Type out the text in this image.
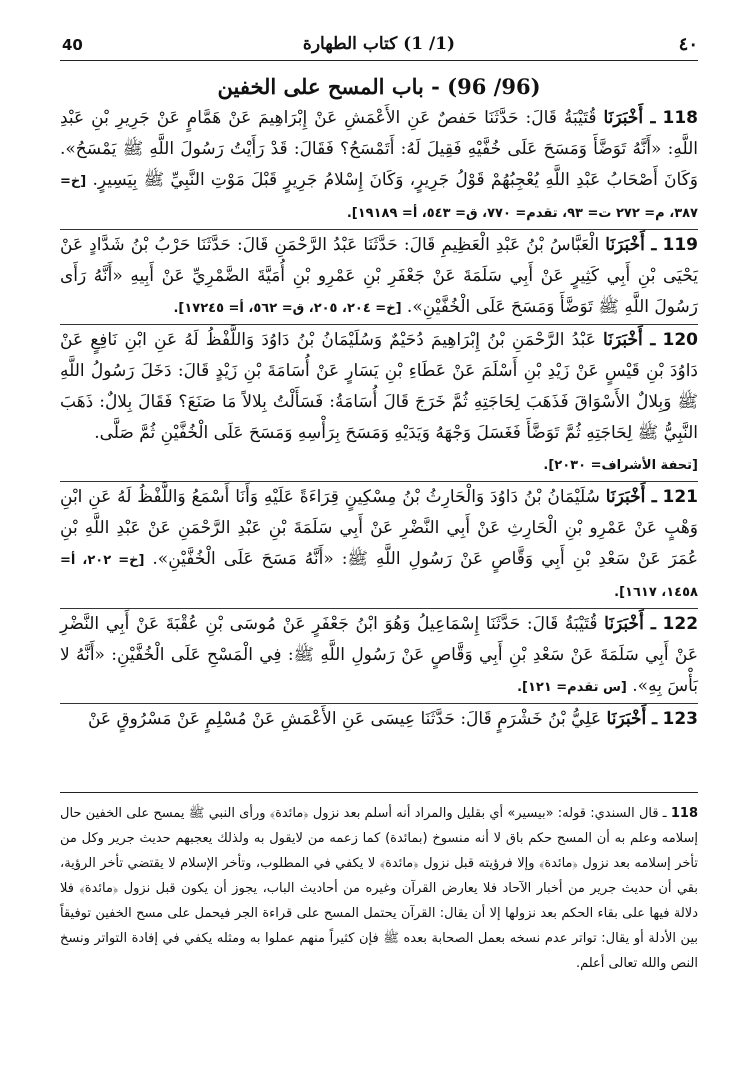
40	(1/ 1) كتاب الطهارة	٤٠
(96/ 96) - باب المسح على الخفين

118 ـ أَخْبَرَنَا قُتَيْبَةُ قَالَ: حَدَّثَنَا حَفصٌ عَنِ الأَعْمَشِ عَنْ إِبْرَاهِيمَ عَنْ هَمَّامٍ عَنْ جَرِيرِ بْنِ عَبْدِ اللَّهِ: «أَنَّهُ تَوَضَّأَ وَمَسَحَ عَلَى خُفَّيْهِ فَقِيلَ لَهُ: أَتَمْسَحُ؟ فَقَالَ: قَدْ رَأَيْتُ رَسُولَ اللَّهِ ﷺ يَمْسَحُ». وَكَانَ أَصْحَابُ عَبْدِ اللَّهِ يُعْجِبُهُمْ قَوْلُ جَرِيرٍ، وَكَانَ إِسْلامُ جَرِيرٍ قَبْلَ مَوْتِ النَّبِيِّ ﷺ بِيَسِيرٍ. [خ= ٣٨٧، م= ٢٧٢ ت= ٩٣، تقدم= ٧٧٠، ق= ٥٤٣، أ= ١٩١٨٩].

119 ـ أَخْبَرَنَا الْعَبَّاسُ بْنُ عَبْدِ الْعَظِيمِ قَالَ: حَدَّثَنَا عَبْدُ الرَّحْمَنِ قَالَ: حَدَّثَنَا حَرْبُ بْنُ شَدَّادٍ عَنْ يَحْيَى بْنِ أَبِي كَثِيرٍ عَنْ أَبِي سَلَمَةَ عَنْ جَعْفَرِ بْنِ عَمْرِو بْنِ أُمَيَّةَ الضَّمْرِيِّ عَنْ أَبِيهِ «أَنَّهُ رَأَى رَسُولَ اللَّهِ ﷺ تَوَضَّأَ وَمَسَحَ عَلَى الْخُفَّيْنِ». [خ= ٢٠٤، ٢٠٥، ق= ٥٦٢، أ= ١٧٢٤٥].

120 ـ أَخْبَرَنَا عَبْدُ الرَّحْمَنِ بْنُ إِبْرَاهِيمَ دُحَيْمٌ وَسُلَيْمَانُ بْنُ دَاوُدَ وَاللَّفْظُ لَهُ عَنِ ابْنِ نَافِعٍ عَنْ دَاوُدَ بْنِ قَيْسٍ عَنْ زَيْدِ بْنِ أَسْلَمَ عَنْ عَطَاءِ بْنِ يَسَارٍ عَنْ أُسَامَةَ بْنِ زَيْدٍ قَالَ: دَخَلَ رَسُولُ اللَّهِ ﷺ وَبِلالٌ الأَسْوَاقَ فَذَهَبَ لِحَاجَتِهِ ثُمَّ خَرَجَ قَالَ أُسَامَةُ: فَسَأَلْتُ بِلالاً مَا صَنَعَ؟ فَقَالَ بِلالٌ: ذَهَبَ النَّبِيُّ ﷺ لِحَاجَتِهِ ثُمَّ تَوَضَّأَ فَغَسَلَ وَجْهَهُ وَيَدَيْهِ وَمَسَحَ بِرَأْسِهِ وَمَسَحَ عَلَى الْخُفَّيْنِ ثُمَّ صَلَّى.
[تحفة الأشراف= ٢٠٣٠].

121 ـ أَخْبَرَنَا سُلَيْمَانُ بْنُ دَاوُدَ وَالْحَارِثُ بْنُ مِسْكِينٍ قِرَاءَةً عَلَيْهِ وَأَنَا أَسْمَعُ وَاللَّفْظُ لَهُ عَنِ ابْنِ وَهْبٍ عَنْ عَمْرِو بْنِ الْحَارِثِ عَنْ أَبِي النَّضْرِ عَنْ أَبِي سَلَمَةَ بْنِ عَبْدِ الرَّحْمَنِ عَنْ عَبْدِ اللَّهِ بْنِ عُمَرَ عَنْ سَعْدِ بْنِ أَبِي وَقَّاصٍ عَنْ رَسُولِ اللَّهِ ﷺ: «أَنَّهُ مَسَحَ عَلَى الْخُفَّيْنِ». [خ= ٢٠٢، أ= ١٤٥٨، ١٦١٧].

122 ـ أَخْبَرَنَا قُتَيْبَةُ قَالَ: حَدَّثَنَا إِسْمَاعِيلُ وَهُوَ ابْنُ جَعْفَرٍ عَنْ مُوسَى بْنِ عُقْبَةَ عَنْ أَبِي النَّضْرِ عَنْ أَبِي سَلَمَةَ عَنْ سَعْدِ بْنِ أَبِي وَقَّاصٍ عَنْ رَسُولِ اللَّهِ ﷺ: فِي الْمَسْحِ عَلَى الْخُفَّيْنِ: «أَنَّهُ لا بَأْسَ بِهِ». [س تقدم= ١٢١].

123 ـ أَخْبَرَنَا عَلِيُّ بْنُ خَشْرَمٍ قَالَ: حَدَّثَنَا عِيسَى عَنِ الأَعْمَشِ عَنْ مُسْلِمٍ عَنْ مَسْرُوقٍ عَنْ

118 ـ قال السندي: قوله: «بيسير» أي بقليل والمراد أنه أسلم بعد نزول ﴿مائدة﴾ ورأى النبي ﷺ يمسح على الخفين حال إسلامه وعلم به أن المسح حكم باق لا أنه منسوخ (بمائدة) كما زعمه من لايقول به ولذلك يعجبهم حديث جرير وكل من تأخر إسلامه بعد نزول ﴿مائدة﴾ وإلا فرؤيته قبل نزول ﴿مائدة﴾ لا يكفي في المطلوب، وتأخر الإسلام لا يقتضي تأخر الرؤية، بقي أن حديث جرير من أخبار الآحاد فلا يعارض القرآن وغيره من أحاديث الباب، يجوز أن يكون قبل نزول ﴿مائدة﴾ فلا دلالة فيها على بقاء الحكم بعد نزولها إلا أن يقال: القرآن يحتمل المسح على قراءة الجر فيحمل على مسح الخفين توفيقاً بين الأدلة أو يقال: تواتر عدم نسخه بعمل الصحابة بعده ﷺ فإن كثيراً منهم عملوا به ومثله يكفي في إفادة التواتر ونسخ النص والله تعالى أعلم.
